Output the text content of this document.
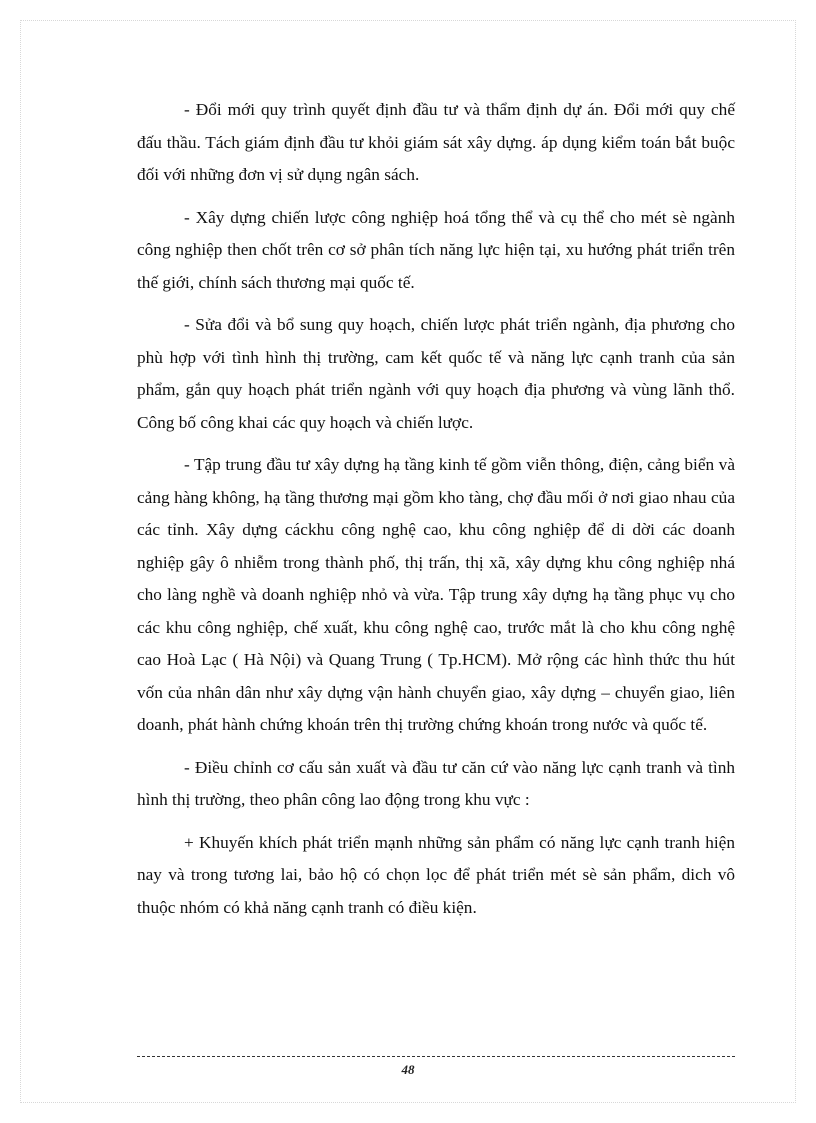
- Đổi mới quy trình quyết định đầu tư và thẩm định dự án. Đổi mới quy chế đấu thầu. Tách giám định đầu tư khỏi giám sát xây dựng. áp dụng kiểm toán bắt buộc đối với những đơn vị sử dụng ngân sách.

- Xây dựng chiến lược công nghiệp hoá tổng thể và cụ thể cho mét sè ngành công nghiệp then chốt trên cơ sở phân tích năng lực hiện tại, xu hướng phát triển trên thế giới, chính sách thương mại quốc tế.

- Sửa đổi và bổ sung quy hoạch, chiến lược phát triển ngành, địa phương cho phù hợp với tình hình thị trường, cam kết quốc tế và năng lực cạnh tranh của sản phẩm, gắn quy hoạch phát triển ngành với quy hoạch địa phương và vùng lãnh thổ. Công bố công khai các quy hoạch và chiến lược.

- Tập trung đầu tư xây dựng hạ tầng kinh tế gồm viễn thông, điện, cảng biển và cảng hàng không, hạ tầng thương mại gồm kho tàng, chợ đầu mối ở nơi giao nhau của các tỉnh. Xây dựng cáckhu công nghệ cao, khu công nghiệp để di dời các doanh nghiệp gây ô nhiễm trong thành phố, thị trấn, thị xã, xây dựng khu công nghiệp nhá cho làng nghề và doanh nghiệp nhỏ và vừa. Tập trung xây dựng hạ tầng phục vụ cho các khu công nghiệp, chế xuất, khu công nghệ cao, trước mắt là cho khu công nghệ cao Hoà Lạc ( Hà Nội) và Quang Trung ( Tp.HCM). Mở rộng các hình thức thu hút vốn của nhân dân như xây dựng vận hành chuyển giao, xây dựng – chuyển giao, liên doanh, phát hành chứng khoán trên thị trường chứng khoán trong nước và quốc tế.

- Điều chỉnh cơ cấu sản xuất và đầu tư căn cứ vào năng lực cạnh tranh và tình hình thị trường, theo phân công lao động trong khu vực :

+ Khuyến khích phát triển mạnh những sản phẩm có năng lực cạnh tranh hiện nay và trong tương lai, bảo hộ có chọn lọc để phát triển mét sè sản phẩm, dich vô thuộc nhóm có khả năng cạnh tranh có điều kiện.

48
